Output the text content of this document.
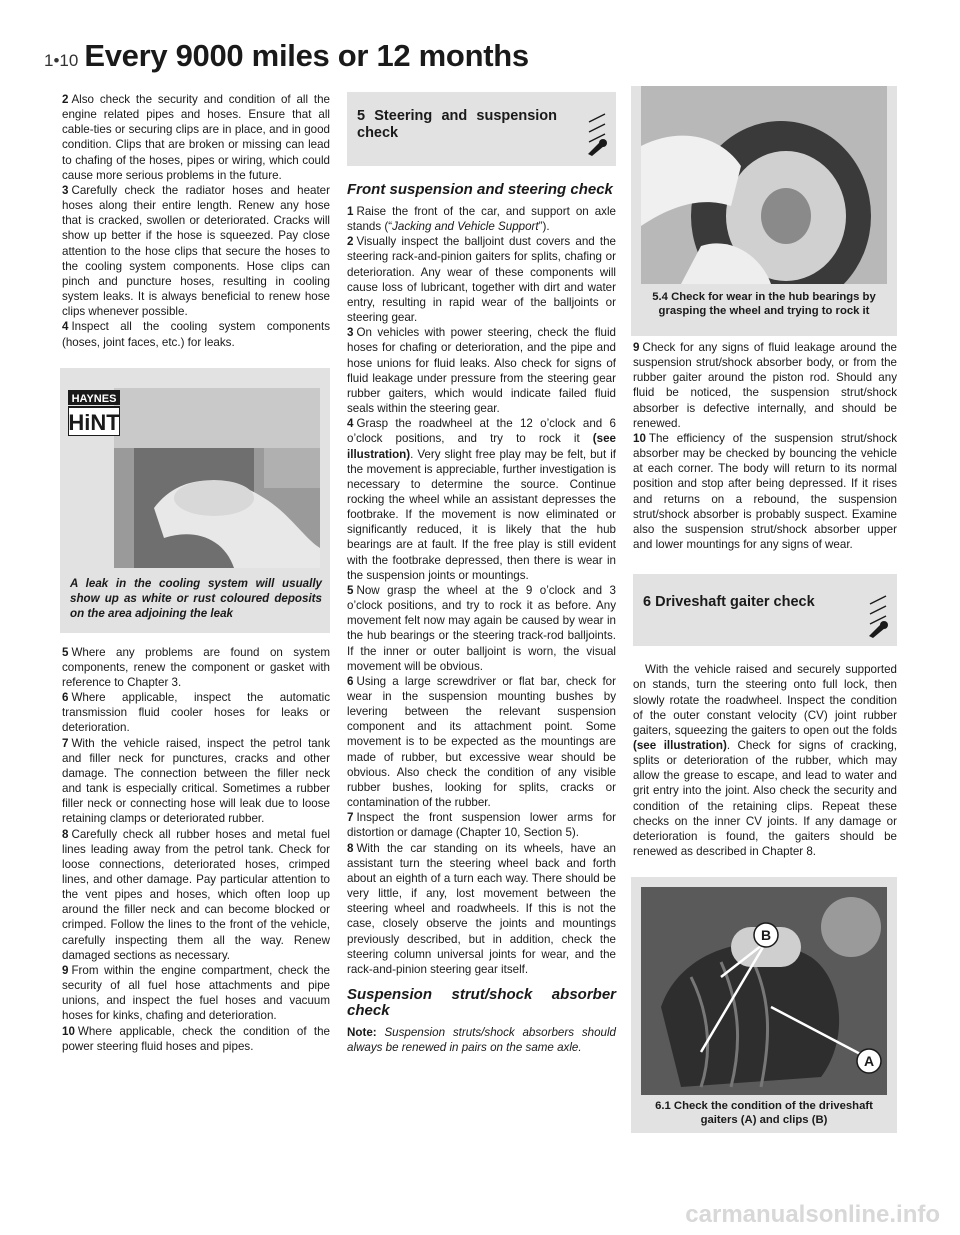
1•10 Every 9000 miles or 12 months

2 Also check the security and condition of all the engine related pipes and hoses. Ensure that all cable-ties or securing clips are in place, and in good condition. Clips that are broken or missing can lead to chafing of the hoses, pipes or wiring, which could cause more serious problems in the future.

3 Carefully check the radiator hoses and heater hoses along their entire length. Renew any hose that is cracked, swollen or deteriorated. Cracks will show up better if the hose is squeezed. Pay close attention to the hose clips that secure the hoses to the cooling system components. Hose clips can pinch and puncture hoses, resulting in cooling system leaks. It is always beneficial to renew hose clips whenever possible.

4 Inspect all the cooling system components (hoses, joint faces, etc.) for leaks.

HAYNES
HiNT
A leak in the cooling system will usually show up as white or rust coloured deposits on the area adjoining the leak

5 Where any problems are found on system components, renew the component or gasket with reference to Chapter 3.

6 Where applicable, inspect the automatic transmission fluid cooler hoses for leaks or deterioration.

7 With the vehicle raised, inspect the petrol tank and filler neck for punctures, cracks and other damage. The connection between the filler neck and tank is especially critical. Sometimes a rubber filler neck or connecting hose will leak due to loose retaining clamps or deteriorated rubber.

8 Carefully check all rubber hoses and metal fuel lines leading away from the petrol tank. Check for loose connections, deteriorated hoses, crimped lines, and other damage. Pay particular attention to the vent pipes and hoses, which often loop up around the filler neck and can become blocked or crimped. Follow the lines to the front of the vehicle, carefully inspecting them all the way. Renew damaged sections as necessary.

9 From within the engine compartment, check the security of all fuel hose attachments and pipe unions, and inspect the fuel hoses and vacuum hoses for kinks, chafing and deterioration.

10 Where applicable, check the condition of the power steering fluid hoses and pipes.

5 Steering and suspension check
Front suspension and steering check

1 Raise the front of the car, and support on axle stands (“Jacking and Vehicle Support”).

2 Visually inspect the balljoint dust covers and the steering rack-and-pinion gaiters for splits, chafing or deterioration. Any wear of these components will cause loss of lubricant, together with dirt and water entry, resulting in rapid wear of the balljoints or steering gear.

3 On vehicles with power steering, check the fluid hoses for chafing or deterioration, and the pipe and hose unions for fluid leaks. Also check for signs of fluid leakage under pressure from the steering gear rubber gaiters, which would indicate failed fluid seals within the steering gear.

4 Grasp the roadwheel at the 12 o’clock and 6 o’clock positions, and try to rock it (see illustration). Very slight free play may be felt, but if the movement is appreciable, further investigation is necessary to determine the source. Continue rocking the wheel while an assistant depresses the footbrake. If the movement is now eliminated or significantly reduced, it is likely that the hub bearings are at fault. If the free play is still evident with the footbrake depressed, then there is wear in the suspension joints or mountings.

5 Now grasp the wheel at the 9 o’clock and 3 o’clock positions, and try to rock it as before. Any movement felt now may again be caused by wear in the hub bearings or the steering track-rod balljoints. If the inner or outer balljoint is worn, the visual movement will be obvious.

6 Using a large screwdriver or flat bar, check for wear in the suspension mounting bushes by levering between the relevant suspension component and its attachment point. Some movement is to be expected as the mountings are made of rubber, but excessive wear should be obvious. Also check the condition of any visible rubber bushes, looking for splits, cracks or contamination of the rubber.

7 Inspect the front suspension lower arms for distortion or damage (Chapter 10, Section 5).

8 With the car standing on its wheels, have an assistant turn the steering wheel back and forth about an eighth of a turn each way. There should be very little, if any, lost movement between the steering wheel and roadwheels. If this is not the case, closely observe the joints and mountings previously described, but in addition, check the steering column universal joints for wear, and the rack-and-pinion steering gear itself.

Suspension strut/shock absorber check

Note: Suspension struts/shock absorbers should always be renewed in pairs on the same axle.

5.4 Check for wear in the hub bearings by grasping the wheel and trying to rock it

9 Check for any signs of fluid leakage around the suspension strut/shock absorber body, or from the rubber gaiter around the piston rod. Should any fluid be noticed, the suspension strut/shock absorber is defective internally, and should be renewed.

10 The efficiency of the suspension strut/shock absorber may be checked by bouncing the vehicle at each corner. The body will return to its normal position and stop after being depressed. If it rises and returns on a rebound, the suspension strut/shock absorber is probably suspect. Examine also the suspension strut/shock absorber upper and lower mountings for any signs of wear.

6 Driveshaft gaiter check

With the vehicle raised and securely supported on stands, turn the steering onto full lock, then slowly rotate the roadwheel. Inspect the condition of the outer constant velocity (CV) joint rubber gaiters, squeezing the gaiters to open out the folds (see illustration). Check for signs of cracking, splits or deterioration of the rubber, which may allow the grease to escape, and lead to water and grit entry into the joint. Also check the security and condition of the retaining clips. Repeat these checks on the inner CV joints. If any damage or deterioration is found, the gaiters should be renewed as described in Chapter 8.

B
A
6.1 Check the condition of the driveshaft gaiters (A) and clips (B)
carmanualsonline.info
